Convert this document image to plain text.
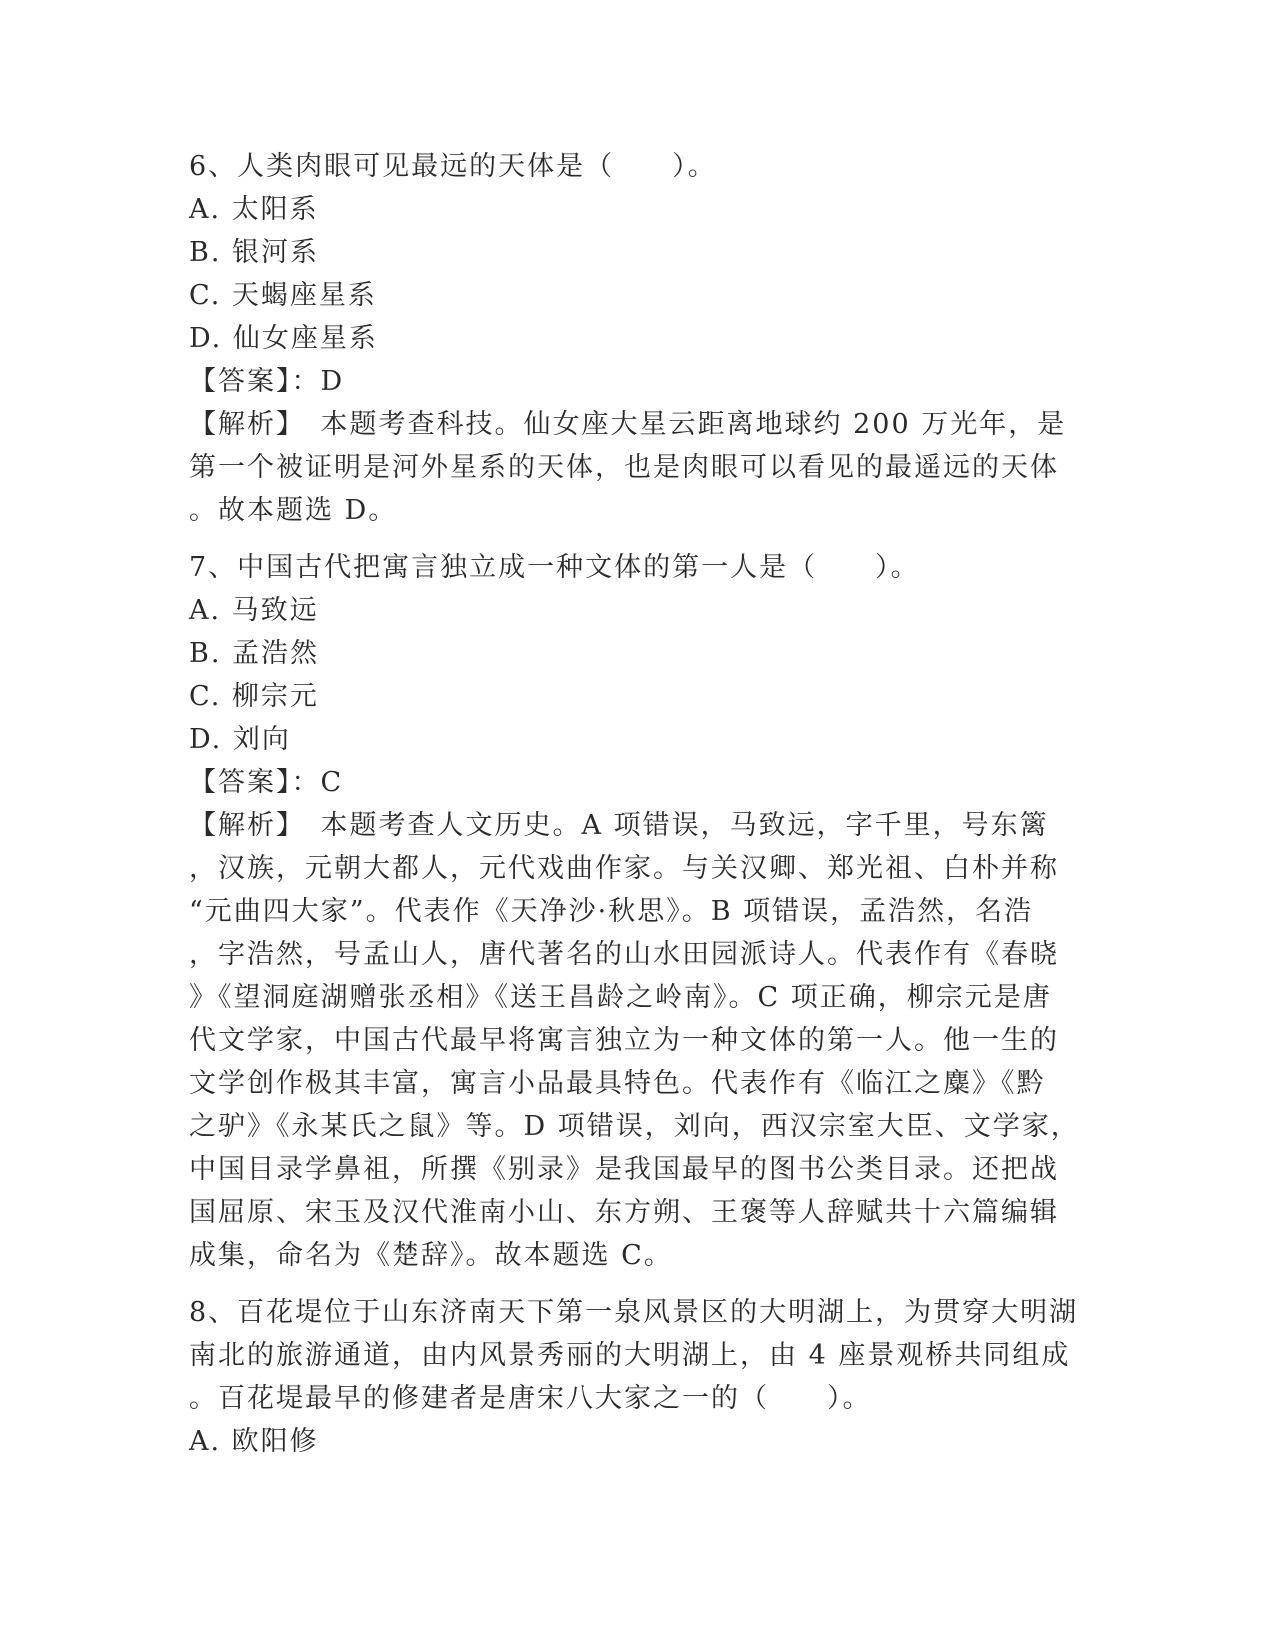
6、人类肉眼可见最远的天体是（　　）。
A. 太阳系
B. 银河系
C. 天蝎座星系
D. 仙女座星系
【答案】：D
【解析】　本题考查科技。仙女座大星云距离地球约 200 万光年，是
第一个被证明是河外星系的天体，也是肉眼可以看见的最遥远的天体
。故本题选 D。
7、中国古代把寓言独立成一种文体的第一人是（　　）。
A. 马致远
B. 孟浩然
C. 柳宗元
D. 刘向
【答案】：C
【解析】　本题考查人文历史。A 项错误，马致远，字千里，号东篱
，汉族，元朝大都人，元代戏曲作家。与关汉卿、郑光祖、白朴并称
“元曲四大家”。代表作《天净沙·秋思》。B 项错误，孟浩然，名浩
，字浩然，号孟山人，唐代著名的山水田园派诗人。代表作有《春晓
》《望洞庭湖赠张丞相》《送王昌龄之岭南》。C 项正确，柳宗元是唐
代文学家，中国古代最早将寓言独立为一种文体的第一人。他一生的
文学创作极其丰富，寓言小品最具特色。代表作有《临江之麋》《黔
之驴》《永某氏之鼠》等。D 项错误，刘向，西汉宗室大臣、文学家，
中国目录学鼻祖，所撰《别录》是我国最早的图书公类目录。还把战
国屈原、宋玉及汉代淮南小山、东方朔、王褒等人辞赋共十六篇编辑
成集，命名为《楚辞》。故本题选 C。
8、百花堤位于山东济南天下第一泉风景区的大明湖上，为贯穿大明湖
南北的旅游通道，由内风景秀丽的大明湖上，由 4 座景观桥共同组成
。百花堤最早的修建者是唐宋八大家之一的（　　）。
A. 欧阳修
